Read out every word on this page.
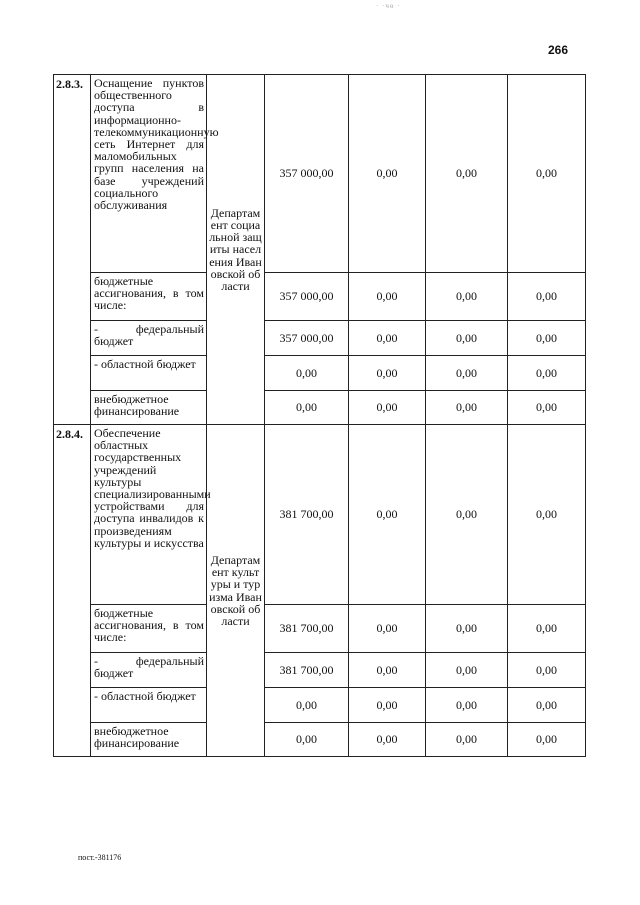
· ·чɵ ·
266
2.8.3.	Оснащение пунктов общественного доступа в информационно-телекоммуникационную сеть Интернет для маломобильных групп населения на базе учреждений социального обслуживания	Департамент социальной защиты населения Ивановской области	357 000,00	0,00	0,00	0,00
	бюджетные ассигнования, в том числе:		357 000,00	0,00	0,00	0,00
	- федеральный бюджет		357 000,00	0,00	0,00	0,00
	- областной бюджет		0,00	0,00	0,00	0,00
	внебюджетное финансирование		0,00	0,00	0,00	0,00
2.8.4.	Обеспечение областных государственных учреждений культуры специализированными устройствами для доступа инвалидов к произведениям культуры и искусства	Департамент культуры и туризма Ивановской области	381 700,00	0,00	0,00	0,00
	бюджетные ассигнования, в том числе:		381 700,00	0,00	0,00	0,00
	- федеральный бюджет		381 700,00	0,00	0,00	0,00
	- областной бюджет		0,00	0,00	0,00	0,00
	внебюджетное финансирование		0,00	0,00	0,00	0,00
пост.-381176
